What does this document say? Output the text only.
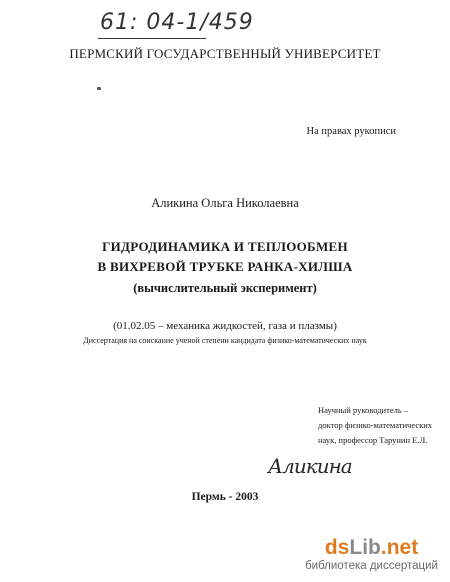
61: 04-1/459
ПЕРМСКИЙ ГОСУДАРСТВЕННЫЙ УНИВЕРСИТЕТ
На правах рукописи
Аликина Ольга Николаевна
ГИДРОДИНАМИКА И ТЕПЛООБМЕН
В ВИХРЕВОЙ ТРУБКЕ РАНКА-ХИЛША
(вычислительный эксперимент)
(01.02.05 – механика жидкостей, газа и плазмы)
Диссертация на соискание ученой степени кандидата физико-математических наук
Научный руководитель –
доктор физико-математических
наук, профессор Тарунин Е.Л.
Аликина
Пермь - 2003
dsLib.net
библиотека диссертаций
